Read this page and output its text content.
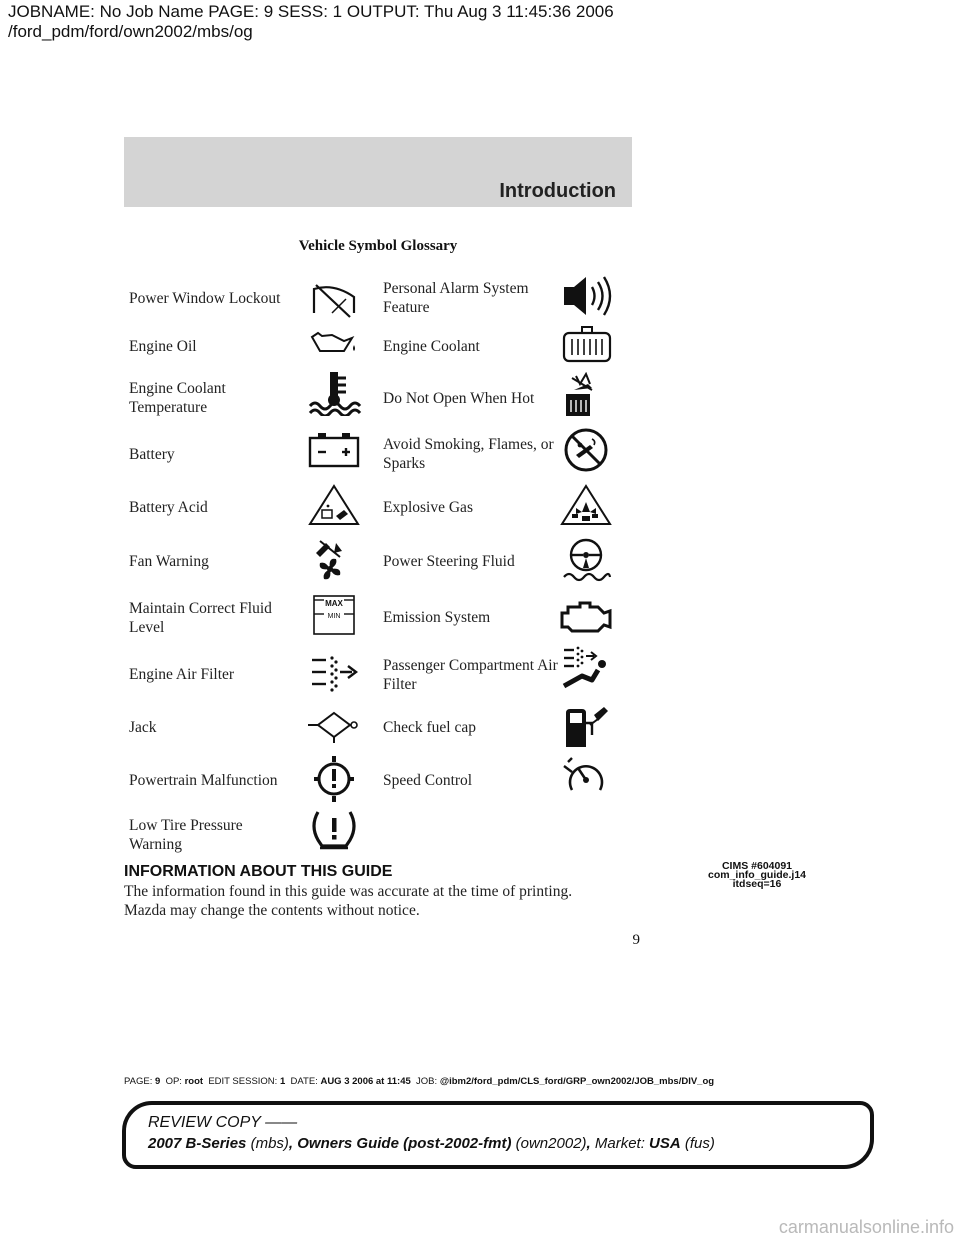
JOBNAME: No Job Name PAGE: 9 SESS: 1 OUTPUT: Thu Aug 3 11:45:36 2006
/ford_pdm/ford/own2002/mbs/og
Introduction
Vehicle Symbol Glossary
Power Window Lockout
Engine Oil
Engine Coolant Temperature
Battery
Battery Acid
Fan Warning
Maintain Correct Fluid Level
Engine Air Filter
Jack
Powertrain Malfunction
Low Tire Pressure Warning
Personal Alarm System Feature
Engine Coolant
Do Not Open When Hot
Avoid Smoking, Flames, or Sparks
Explosive Gas
Power Steering Fluid
Emission System
Passenger Compartment Air Filter
Check fuel cap
Speed Control
MAX
MIN
INFORMATION ABOUT THIS GUIDE
The information found in this guide was accurate at the time of printing.
Mazda may change the contents without notice.
CIMS #604091
com_info_guide.j14
itdseq=16
9
PAGE: 9 OP: root EDIT SESSION: 1 DATE: AUG 3 2006 at 11:45 JOB: @ibm2/ford_pdm/CLS_ford/GRP_own2002/JOB_mbs/DIV_og
REVIEW COPY ——
2007 B-Series (mbs), Owners Guide (post-2002-fmt) (own2002), Market: USA (fus)
carmanualsonline.info
